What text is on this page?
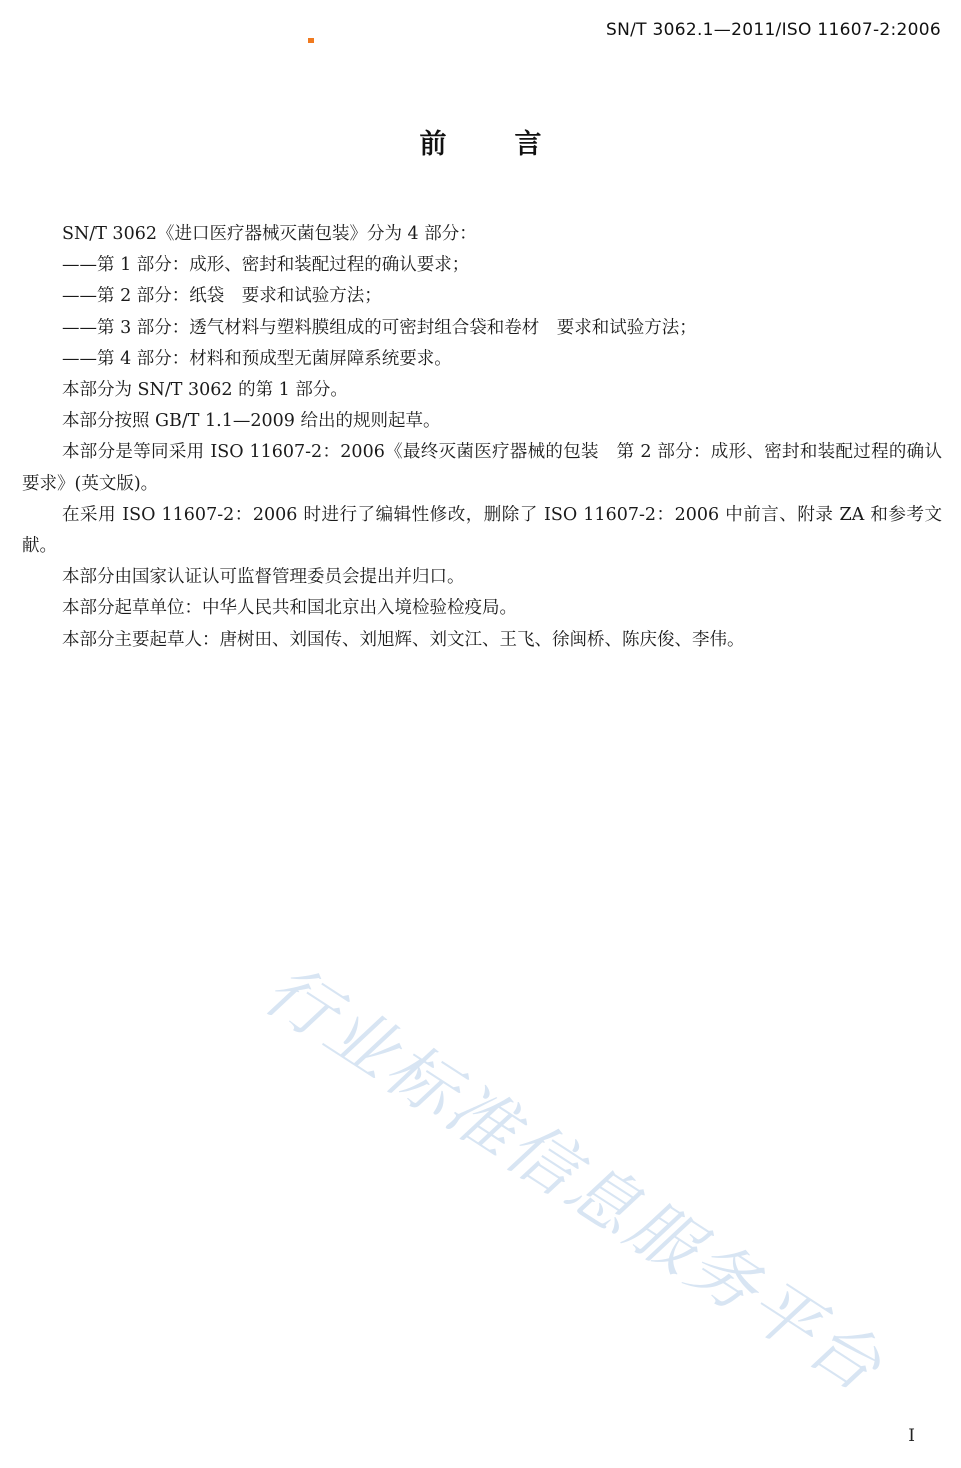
SN/T 3062.1—2011/ISO 11607-2:2006
前	言

SN/T 3062《进口医疗器械灭菌包装》分为 4 部分：

——第 1 部分：成形、密封和装配过程的确认要求；

——第 2 部分：纸袋　要求和试验方法；

——第 3 部分：透气材料与塑料膜组成的可密封组合袋和卷材　要求和试验方法；

——第 4 部分：材料和预成型无菌屏障系统要求。

本部分为 SN/T 3062 的第 1 部分。

本部分按照 GB/T 1.1—2009 给出的规则起草。

本部分是等同采用 ISO 11607-2：2006《最终灭菌医疗器械的包装　第 2 部分：成形、密封和装配过程的确认要求》(英文版)。

在采用 ISO 11607-2：2006 时进行了编辑性修改，删除了 ISO 11607-2：2006 中前言、附录 ZA 和参考文献。

本部分由国家认证认可监督管理委员会提出并归口。

本部分起草单位：中华人民共和国北京出入境检验检疫局。

本部分主要起草人：唐树田、刘国传、刘旭辉、刘文江、王飞、徐闽桥、陈庆俊、李伟。

行业标准信息服务平台
I
